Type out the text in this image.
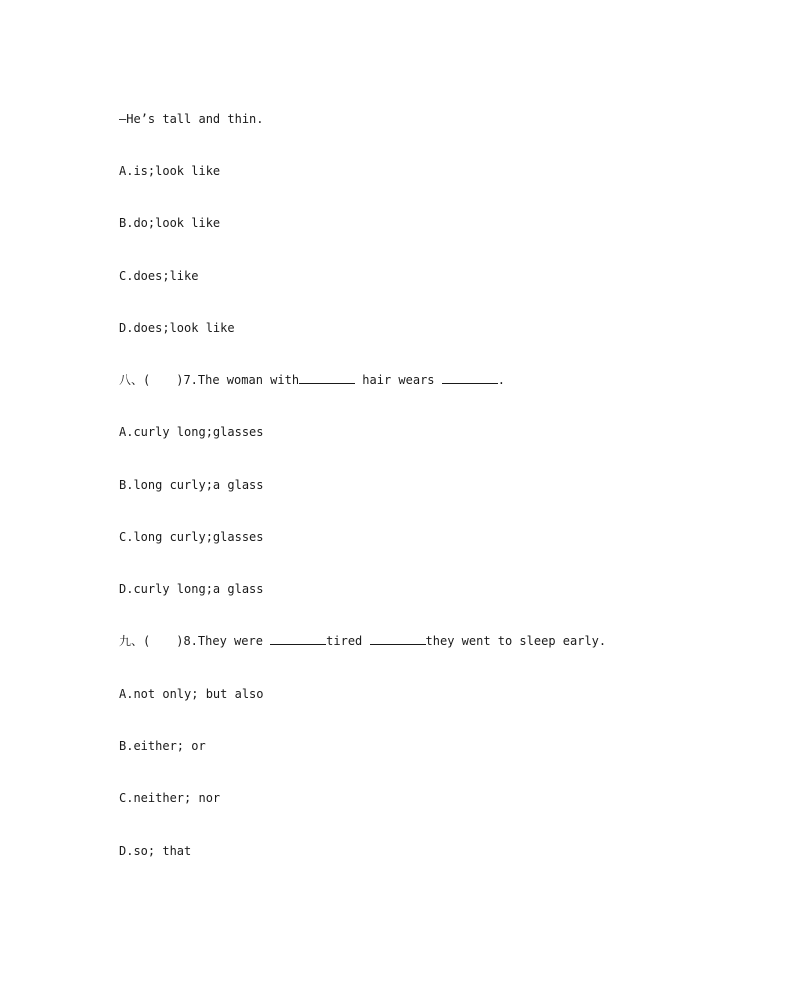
—He’s tall and thin.
A.is;look like
B.do;look like
C.does;like
D.does;look like
八、( )7.The woman with	hair wears	.
A.curly long;glasses
B.long curly;a glass
C.long curly;glasses
D.curly long;a glass
九、( )8.They were	tired	they went to sleep early.
A.not only; but also
B.either; or
C.neither; nor
D.so; that
